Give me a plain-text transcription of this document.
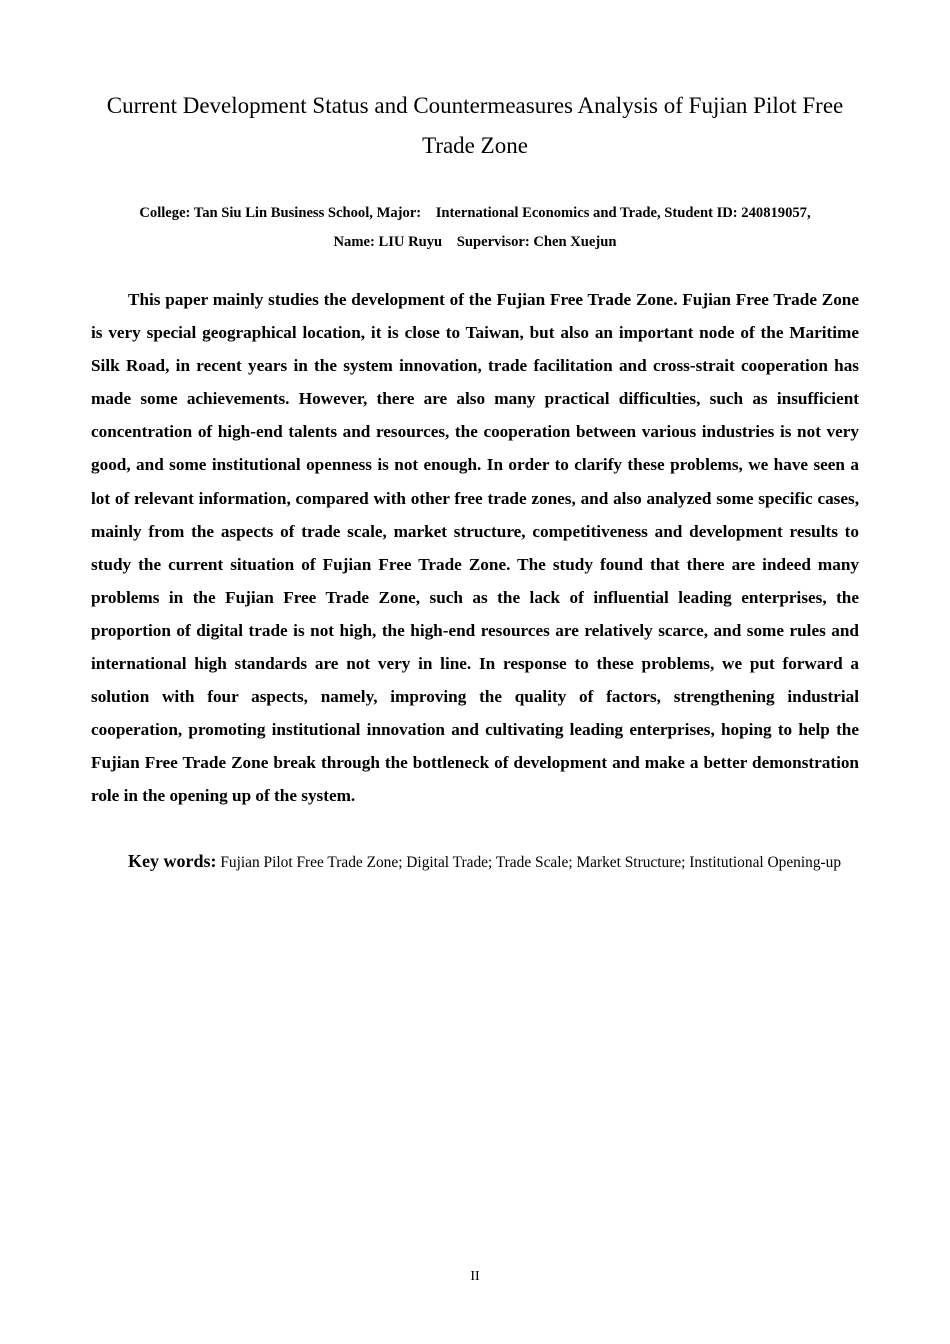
Current Development Status and Countermeasures Analysis of Fujian Pilot Free Trade Zone
College: Tan Siu Lin Business School, Major:    International Economics and Trade, Student ID: 240819057,
Name: LIU Ruyu    Supervisor: Chen Xuejun

This paper mainly studies the development of the Fujian Free Trade Zone. Fujian Free Trade Zone is very special geographical location, it is close to Taiwan, but also an important node of the Maritime Silk Road, in recent years in the system innovation, trade facilitation and cross-strait cooperation has made some achievements. However, there are also many practical difficulties, such as insufficient concentration of high-end talents and resources, the cooperation between various industries is not very good, and some institutional openness is not enough. In order to clarify these problems, we have seen a lot of relevant information, compared with other free trade zones, and also analyzed some specific cases, mainly from the aspects of trade scale, market structure, competitiveness and development results to study the current situation of Fujian Free Trade Zone. The study found that there are indeed many problems in the Fujian Free Trade Zone, such as the lack of influential leading enterprises, the proportion of digital trade is not high, the high-end resources are relatively scarce, and some rules and international high standards are not very in line. In response to these problems, we put forward a solution with four aspects, namely, improving the quality of factors, strengthening industrial cooperation, promoting institutional innovation and cultivating leading enterprises, hoping to help the Fujian Free Trade Zone break through the bottleneck of development and make a better demonstration role in the opening up of the system.

Key words: Fujian Pilot Free Trade Zone; Digital Trade; Trade Scale; Market Structure; Institutional Opening-up

II
